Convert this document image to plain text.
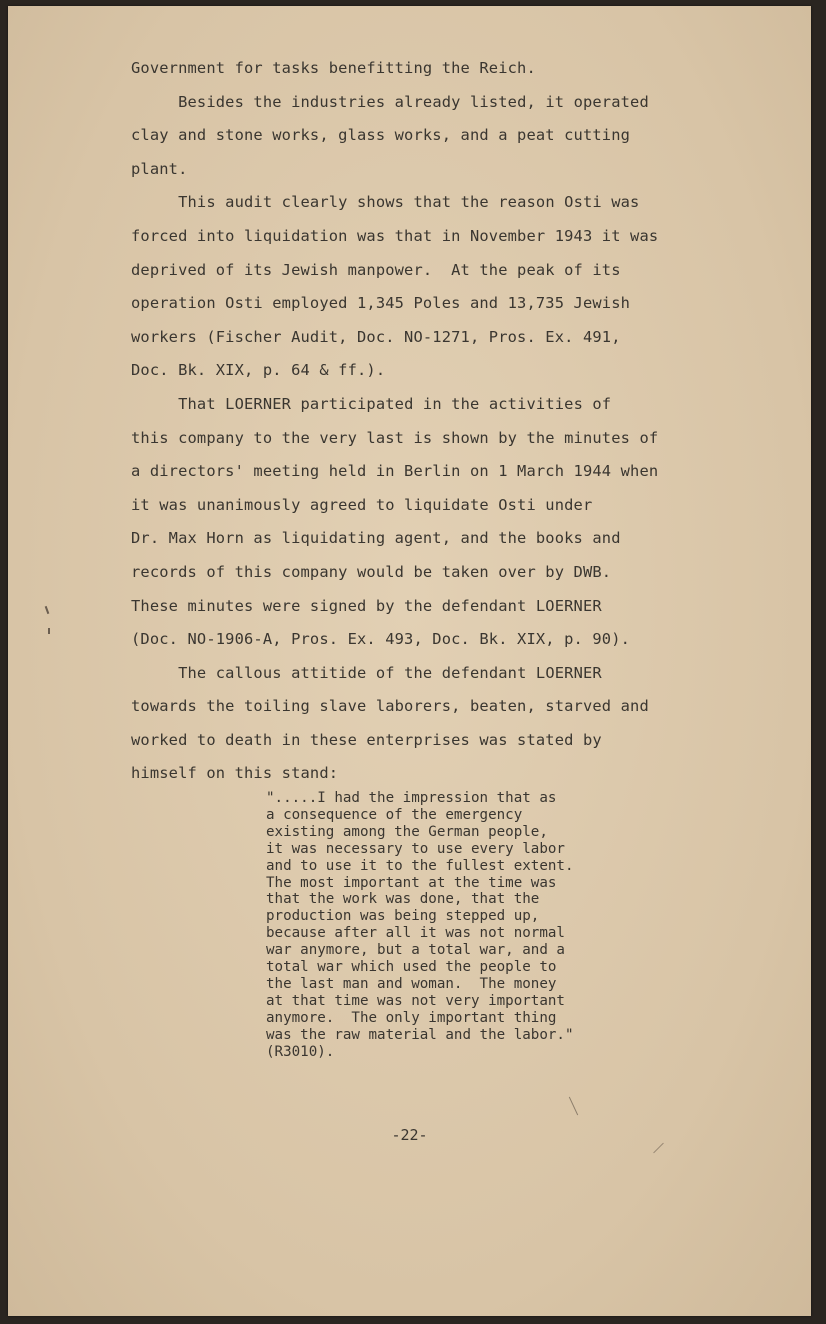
Government for tasks benefitting the Reich.

Besides the industries already listed, it operated

clay and stone works, glass works, and a peat cutting

plant.

This audit clearly shows that the reason Osti was

forced into liquidation was that in November 1943 it was

deprived of its Jewish manpower.  At the peak of its

operation Osti employed 1,345 Poles and 13,735 Jewish

workers (Fischer Audit, Doc. NO-1271, Pros. Ex. 491,

Doc. Bk. XIX, p. 64 & ff.).

That LOERNER participated in the activities of

this company to the very last is shown by the minutes of

a directors' meeting held in Berlin on 1 March 1944 when

it was unanimously agreed to liquidate Osti under

Dr. Max Horn as liquidating agent, and the books and

records of this company would be taken over by DWB.

These minutes were signed by the defendant LOERNER

(Doc. NO-1906-A, Pros. Ex. 493, Doc. Bk. XIX, p. 90).

The callous attitide of the defendant LOERNER

towards the toiling slave laborers, beaten, starved and

worked to death in these enterprises was stated by

himself on this stand:

".....I had the impression that as
a consequence of the emergency
existing among the German people,
it was necessary to use every labor
and to use it to the fullest extent.
The most important at the time was
that the work was done, that the
production was being stepped up,
because after all it was not normal
war anymore, but a total war, and a
total war which used the people to
the last man and woman.  The money
at that time was not very important
anymore.  The only important thing
was the raw material and the labor."
(R3010).
-22-
